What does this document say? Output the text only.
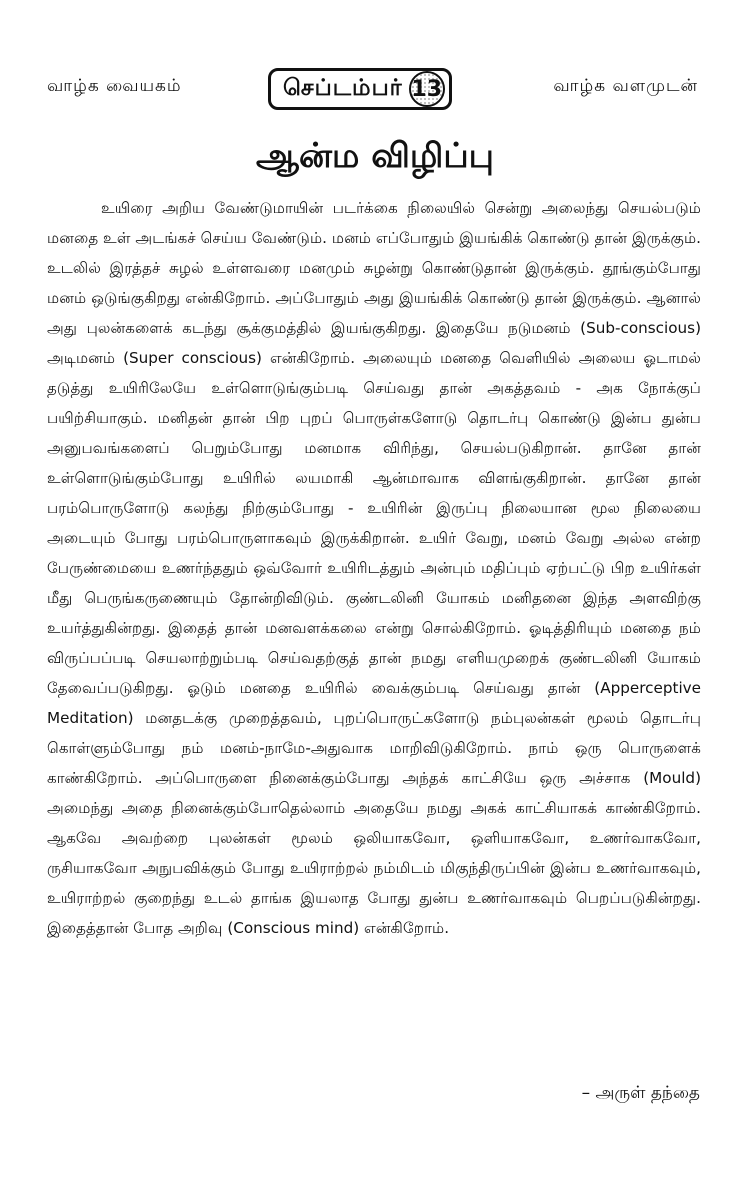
வாழ்க வையகம்	செப்டம்பர் 13	வாழ்க வளமுடன்
ஆன்ம விழிப்பு

உயிரை அறிய வேண்டுமாயின் படர்க்கை நிலையில் சென்று அலைந்து செயல்படும் மனதை உள் அடங்கச் செய்ய வேண்டும். மனம் எப்போதும் இயங்கிக் கொண்டு தான் இருக்கும். உடலில் இரத்தச் சுழல் உள்ளவரை மனமும் சுழன்று கொண்டுதான் இருக்கும். தூங்கும்போது மனம் ஒடுங்குகிறது என்கிறோம். அப்போதும் அது இயங்கிக் கொண்டு தான் இருக்கும். ஆனால் அது புலன்களைக் கடந்து சூக்குமத்தில் இயங்குகிறது. இதையே நடுமனம் (Sub-conscious) அடிமனம் (Super conscious) என்கிறோம். அலையும் மனதை வெளியில் அலைய ஓடாமல் தடுத்து உயிரிலேயே உள்ளொடுங்கும்படி செய்வது தான் அகத்தவம் - அக நோக்குப் பயிற்சியாகும். மனிதன் தான் பிற புறப் பொருள்களோடு தொடர்பு கொண்டு இன்ப துன்ப அனுபவங்களைப் பெறும்போது மனமாக விரிந்து, செயல்படுகிறான். தானே தான் உள்ளொடுங்கும்போது உயிரில் லயமாகி ஆன்மாவாக விளங்குகிறான். தானே தான் பரம்பொருளோடு கலந்து நிற்கும்போது - உயிரின் இருப்பு நிலையான மூல நிலையை அடையும் போது பரம்பொருளாகவும் இருக்கிறான். உயிர் வேறு, மனம் வேறு அல்ல என்ற பேருண்மையை உணர்ந்ததும் ஒவ்வோர் உயிரிடத்தும் அன்பும் மதிப்பும் ஏற்பட்டு பிற உயிர்கள் மீது பெருங்கருணையும் தோன்றிவிடும். குண்டலினி யோகம் மனிதனை இந்த அளவிற்கு உயர்த்துகின்றது. இதைத் தான் மனவளக்கலை என்று சொல்கிறோம். ஓடித்திரியும் மனதை நம் விருப்பப்படி செயலாற்றும்படி செய்வதற்குத் தான் நமது எளியமுறைக் குண்டலினி யோகம் தேவைப்படுகிறது. ஓடும் மனதை உயிரில் வைக்கும்படி செய்வது தான் (Apperceptive Meditation) மனதடக்கு முறைத்தவம், புறப்பொருட்களோடு நம்புலன்கள் மூலம் தொடர்பு கொள்ளும்போது நம் மனம்-நாமே-அதுவாக மாறிவிடுகிறோம். நாம் ஒரு பொருளைக் காண்கிறோம். அப்பொருளை நினைக்கும்போது அந்தக் காட்சியே ஒரு அச்சாக (Mould) அமைந்து அதை நினைக்கும்போதெல்லாம் அதையே நமது அகக் காட்சியாகக் காண்கிறோம். ஆகவே அவற்றை புலன்கள் மூலம் ஒலியாகவோ, ஒளியாகவோ, உணர்வாகவோ, ருசியாகவோ அநுபவிக்கும் போது உயிராற்றல் நம்மிடம் மிகுந்திருப்பின் இன்ப உணர்வாகவும், உயிராற்றல் குறைந்து உடல் தாங்க இயலாத போது துன்ப உணர்வாகவும் பெறப்படுகின்றது. இதைத்தான் போத அறிவு (Conscious mind) என்கிறோம்.

– அருள் தந்தை
